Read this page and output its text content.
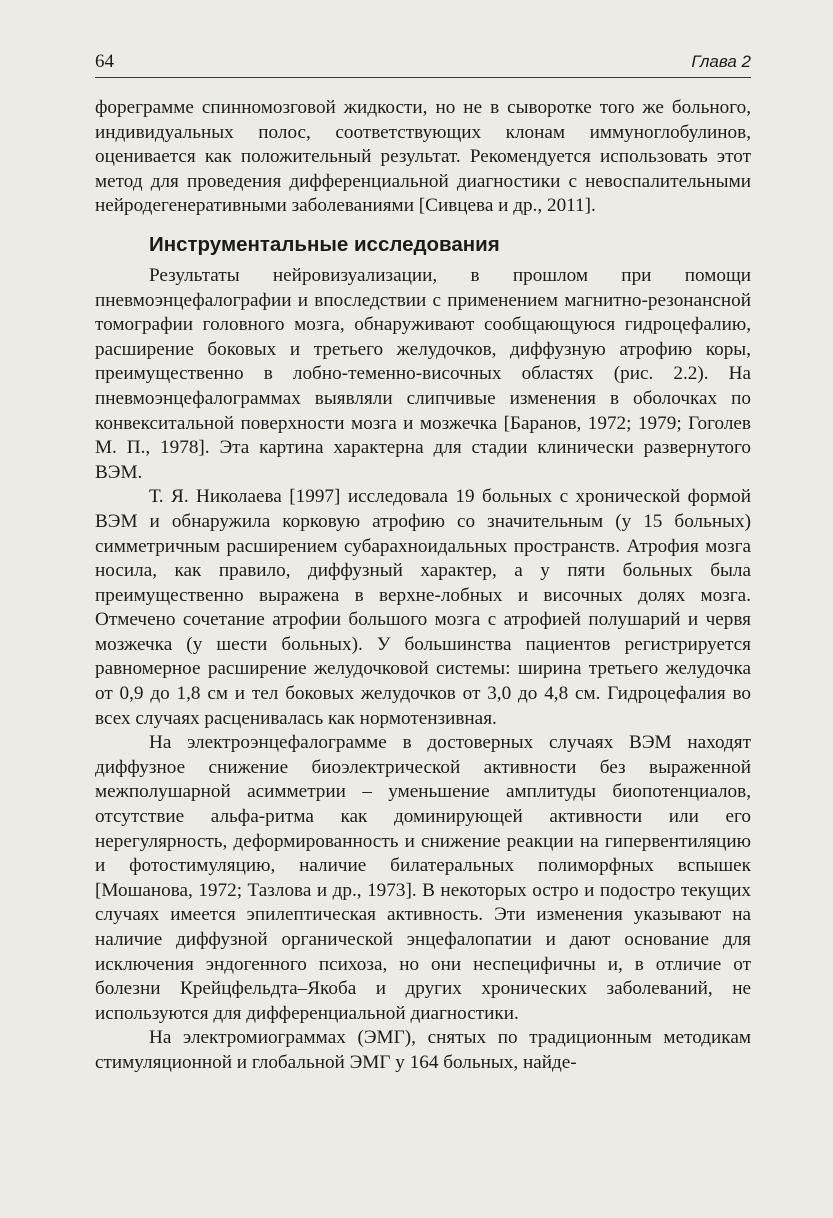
64	Глава 2

форeграмме спинномозговой жидкости, но не в сыворотке того же больного, индивидуальных полос, соответствующих клонам иммуноглобулинов, оценивается как положительный результат. Рекомендуется использовать этот метод для проведения дифференциальной диагностики с невоспалительными нейродегенеративными заболеваниями [Сивцева и др., 2011].

Инструментальные исследования

Результаты нейровизуализации, в прошлом при помощи пневмоэнцефалографии и впоследствии с применением магнитно-резонансной томографии головного мозга, обнаруживают сообщающуюся гидроцефалию, расширение боковых и третьего желудочков, диффузную атрофию коры, преимущественно в лобно-теменно-височных областях (рис. 2.2). На пневмоэнцефалограммах выявляли слипчивые изменения в оболочках по конвекситальной поверхности мозга и мозжечка [Баранов, 1972; 1979; Гоголев М. П., 1978]. Эта картина характерна для стадии клинически развернутого ВЭМ.

Т. Я. Николаева [1997] исследовала 19 больных с хронической формой ВЭМ и обнаружила корковую атрофию со значительным (у 15 больных) симметричным расширением субарахноидальных пространств. Атрофия мозга носила, как правило, диффузный характер, а у пяти больных была преимущественно выражена в верхне-лобных и височных долях мозга. Отмечено сочетание атрофии большого мозга с атрофией полушарий и червя мозжечка (у шести больных). У большинства пациентов регистрируется равномерное расширение желудочковой системы: ширина третьего желудочка от 0,9 до 1,8 см и тел боковых желудочков от 3,0 до 4,8 см. Гидроцефалия во всех случаях расценивалась как нормотензивная.

На электроэнцефалограмме в достоверных случаях ВЭМ находят диффузное снижение биоэлектрической активности без выраженной межполушарной асимметрии – уменьшение амплитуды биопотенциалов, отсутствие альфа-ритма как доминирующей активности или его нерегулярность, деформированность и снижение реакции на гипервентиляцию и фотостимуляцию, наличие билатеральных полиморфных вспышек [Мошанова, 1972; Тазлова и др., 1973]. В некоторых остро и подостро текущих случаях имеется эпилептическая активность. Эти изменения указывают на наличие диффузной органической энцефалопатии и дают основание для исключения эндогенного психоза, но они неспецифичны и, в отличие от болезни Крейцфельдта–Якоба и других хронических заболеваний, не используются для дифференциальной диагностики.

На электромиограммах (ЭМГ), снятых по традиционным методикам стимуляционной и глобальной ЭМГ у 164 больных, найде-
